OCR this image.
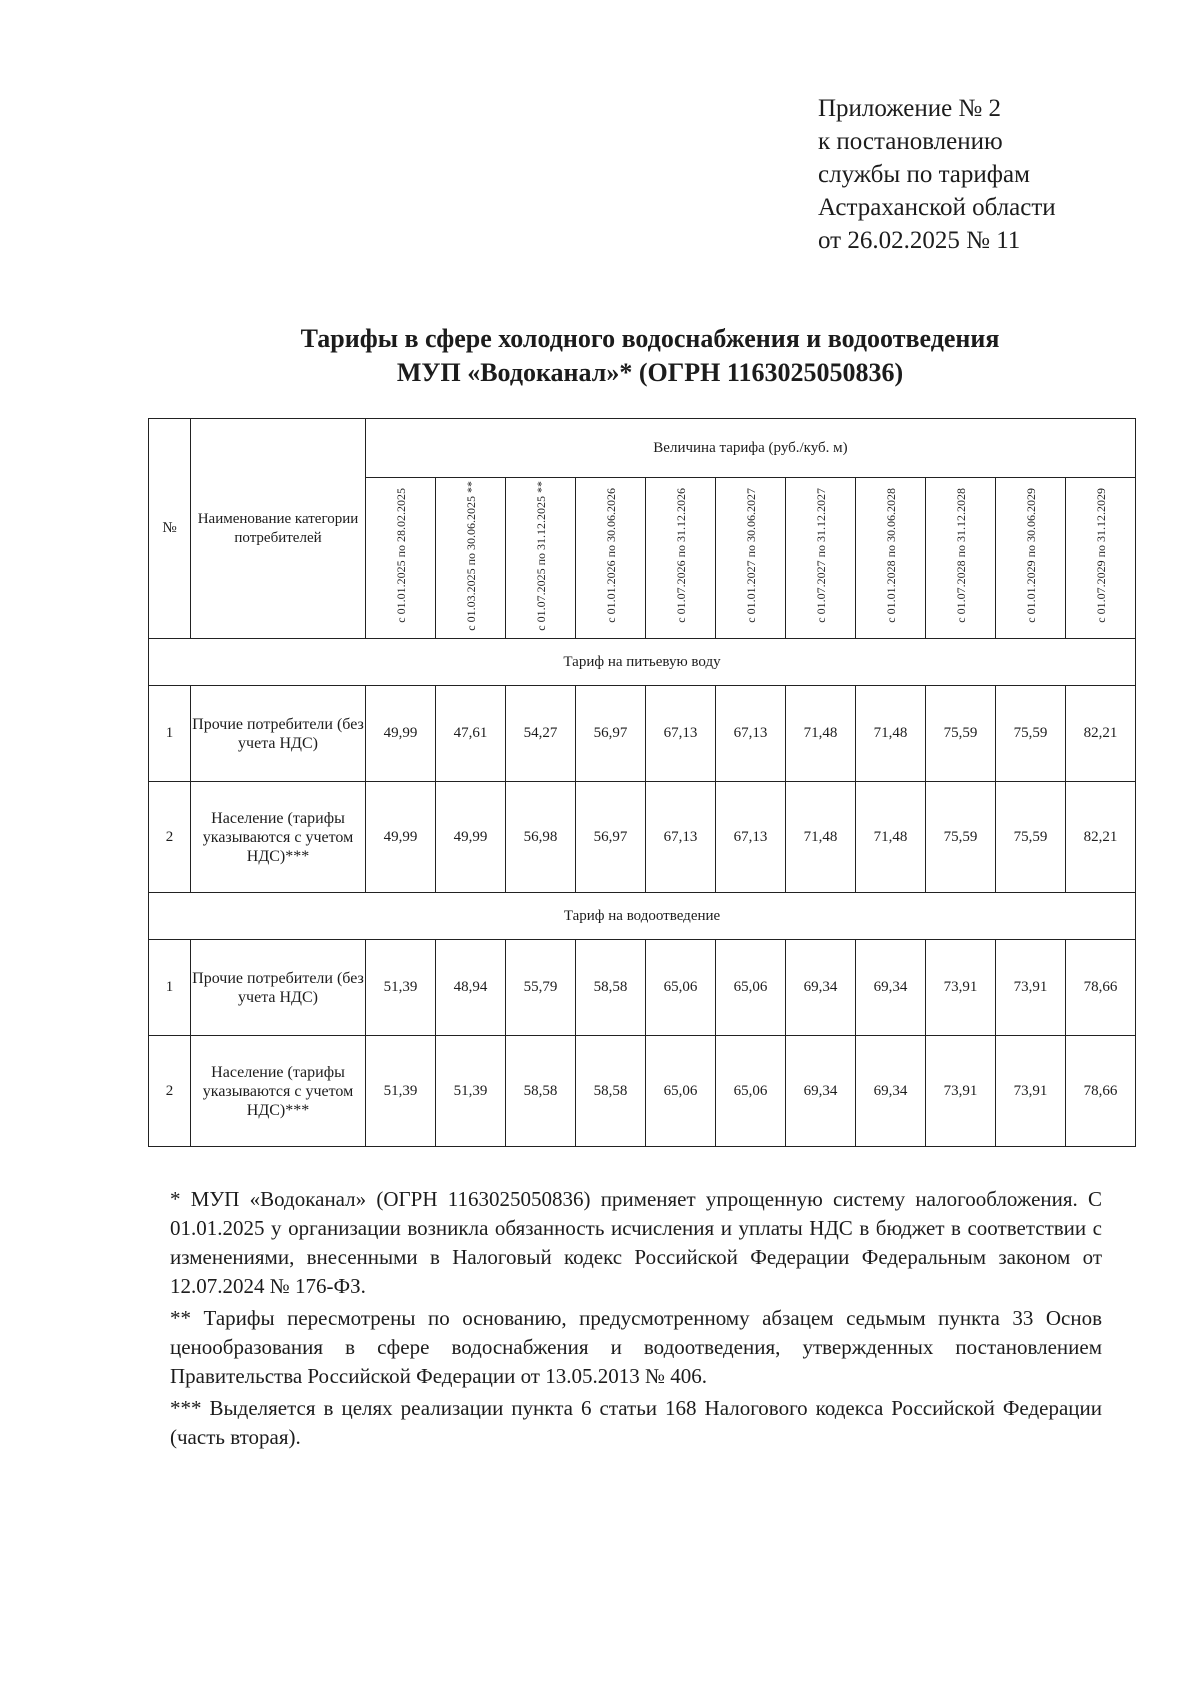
Приложение № 2
к постановлению
службы по тарифам
Астраханской области
от 26.02.2025 № 11
Тарифы в сфере холодного водоснабжения и водоотведения
МУП «Водоканал»* (ОГРН 1163025050836)
№	Наименование категории потребителей	Величина тарифа (руб./куб. м)										
		с 01.01.2025 по 28.02.2025	с 01.03.2025 по 30.06.2025 **	с 01.07.2025 по 31.12.2025 **	с 01.01.2026 по 30.06.2026	с 01.07.2026 по 31.12.2026	с 01.01.2027 по 30.06.2027	с 01.07.2027 по 31.12.2027	с 01.01.2028 по 30.06.2028	с 01.07.2028 по 31.12.2028	с 01.01.2029 по 30.06.2029	с 01.07.2029 по 31.12.2029
Тариф на питьевую воду												
1	Прочие потребители (без учета НДС)	49,99	47,61	54,27	56,97	67,13	67,13	71,48	71,48	75,59	75,59	82,21
2	Население (тарифы указываются с учетом НДС)***	49,99	49,99	56,98	56,97	67,13	67,13	71,48	71,48	75,59	75,59	82,21
Тариф на водоотведение												
1	Прочие потребители (без учета НДС)	51,39	48,94	55,79	58,58	65,06	65,06	69,34	69,34	73,91	73,91	78,66
2	Население (тарифы указываются с учетом НДС)***	51,39	51,39	58,58	58,58	65,06	65,06	69,34	69,34	73,91	73,91	78,66

* МУП «Водоканал» (ОГРН 1163025050836) применяет упрощенную систему налогообложения. С 01.01.2025 у организации возникла обязанность исчисления и уплаты НДС в бюджет в соответствии с изменениями, внесенными в Налоговый кодекс Российской Федерации Федеральным законом от 12.07.2024 № 176-ФЗ.

** Тарифы пересмотрены по основанию, предусмотренному абзацем седьмым пункта 33 Основ ценообразования в сфере водоснабжения и водоотведения, утвержденных постановлением Правительства Российской Федерации от 13.05.2013 № 406.

*** Выделяется в целях реализации пункта 6 статьи 168 Налогового кодекса Российской Федерации (часть вторая).
